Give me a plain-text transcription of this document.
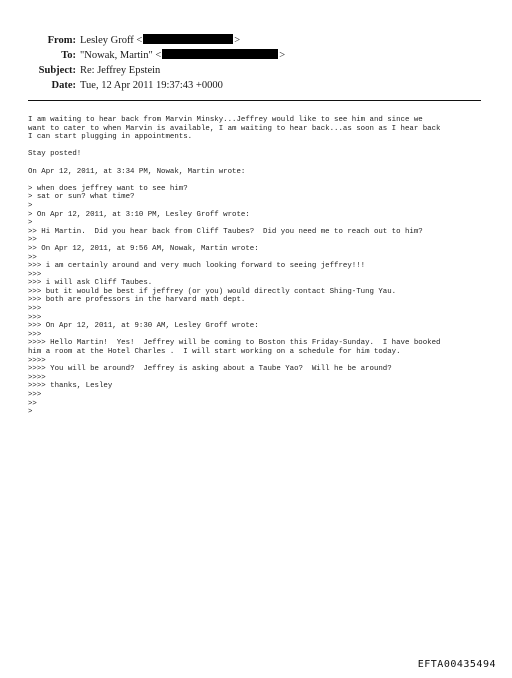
From: Lesley Groff <	>
To: "Nowak, Martin" <	>
Subject: Re: Jeffrey Epstein
Date: Tue, 12 Apr 2011 19:37:43 +0000
I am waiting to hear back from Marvin Minsky...Jeffrey would like to see him and since we
want to cater to when Marvin is available, I am waiting to hear back...as soon as I hear back
I can start plugging in appointments.
Stay posted!
On Apr 12, 2011, at 3:34 PM, Nowak, Martin wrote:
> when does jeffrey want to see him?
> sat or sun? what time?
>
> On Apr 12, 2011, at 3:10 PM, Lesley Groff wrote:
>
>> Hi Martin.  Did you hear back from Cliff Taubes?  Did you need me to reach out to him?
>>
>> On Apr 12, 2011, at 9:56 AM, Nowak, Martin wrote:
>>
>>> i am certainly around and very much looking forward to seeing jeffrey!!!
>>>
>>> i will ask Cliff Taubes.
>>> but it would be best if jeffrey (or you) would directly contact Shing-Tung Yau.
>>> both are professors in the harvard math dept.
>>>
>>>
>>> On Apr 12, 2011, at 9:30 AM, Lesley Groff wrote:
>>>
>>>> Hello Martin!  Yes!  Jeffrey will be coming to Boston this Friday-Sunday.  I have booked
him a room at the Hotel Charles .  I will start working on a schedule for him today.
>>>>
>>>> You will be around?  Jeffrey is asking about a Taube Yao?  Will he be around?
>>>>
>>>> thanks, Lesley
>>>
>>
>
EFTA00435494
